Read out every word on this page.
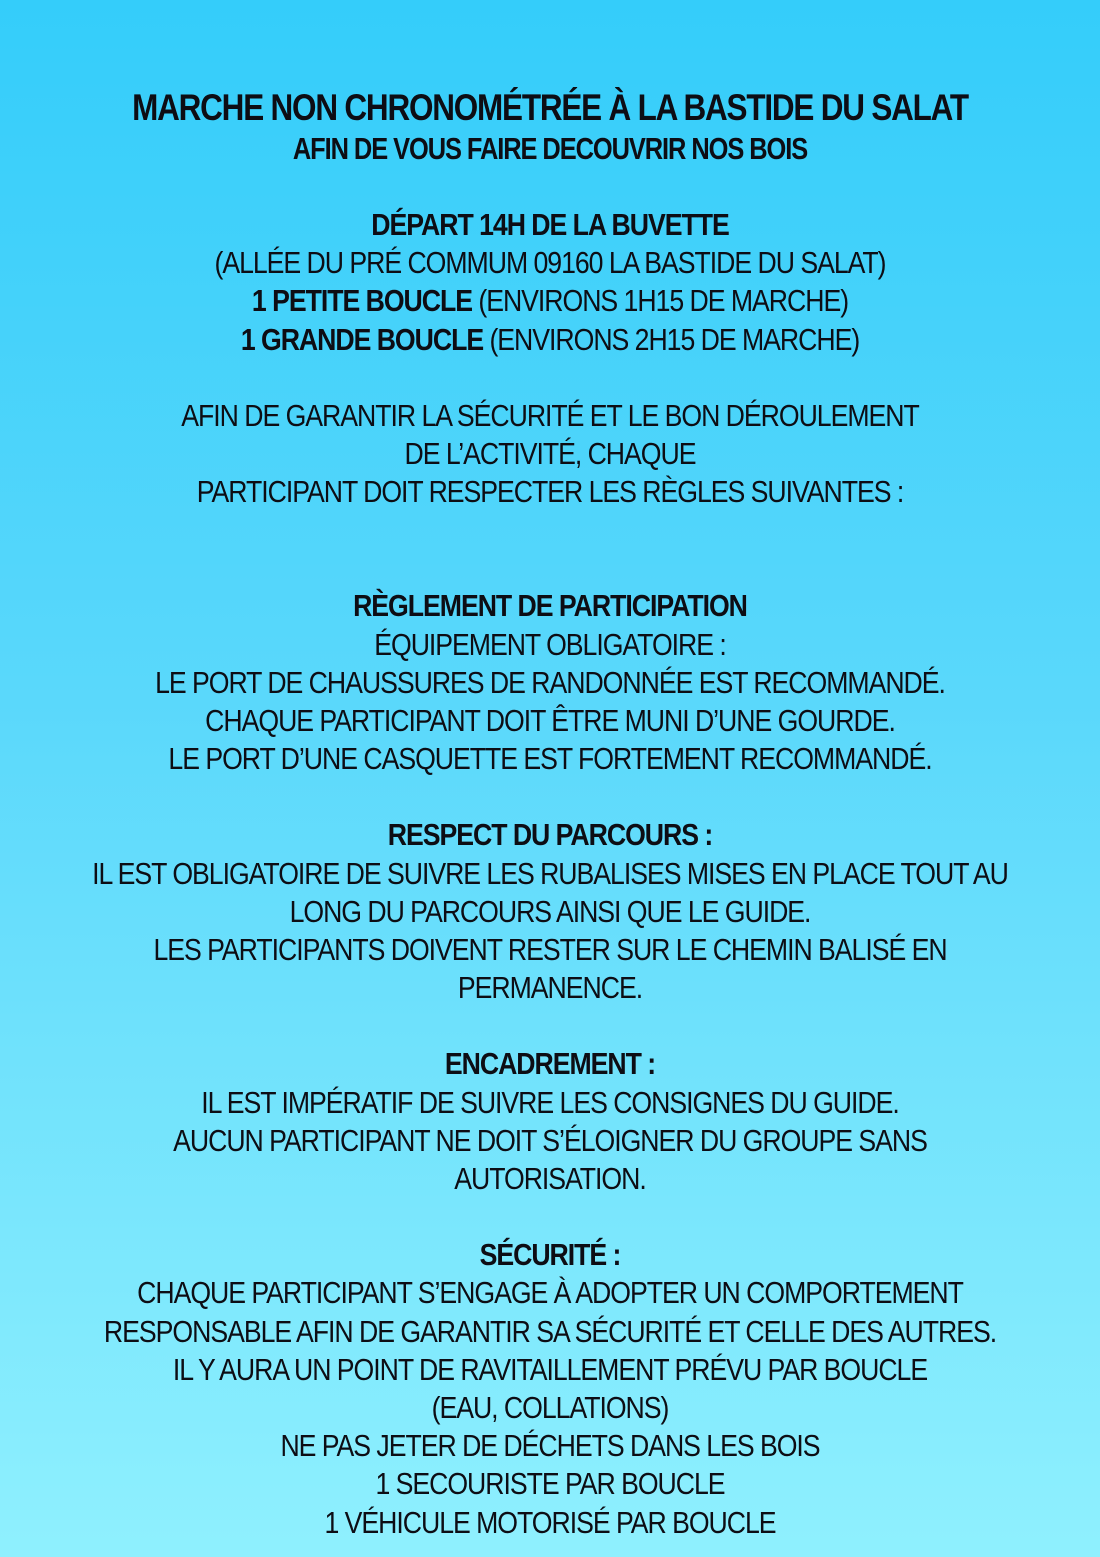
MARCHE NON CHRONOMÉTRÉE À LA BASTIDE DU SALAT
AFIN DE VOUS FAIRE DECOUVRIR NOS BOIS
DÉPART 14H DE LA BUVETTE
(ALLÉE DU PRÉ COMMUM 09160 LA BASTIDE DU SALAT)
1 PETITE BOUCLE (ENVIRONS 1H15 DE MARCHE)
1 GRANDE BOUCLE (ENVIRONS 2H15 DE MARCHE)
AFIN DE GARANTIR LA SÉCURITÉ ET LE BON DÉROULEMENT
DE L’ACTIVITÉ, CHAQUE
PARTICIPANT DOIT RESPECTER LES RÈGLES SUIVANTES :
RÈGLEMENT DE PARTICIPATION
ÉQUIPEMENT OBLIGATOIRE :
LE PORT DE CHAUSSURES DE RANDONNÉE EST RECOMMANDÉ.
CHAQUE PARTICIPANT DOIT ÊTRE MUNI D’UNE GOURDE.
LE PORT D’UNE CASQUETTE EST FORTEMENT RECOMMANDÉ.
RESPECT DU PARCOURS :
IL EST OBLIGATOIRE DE SUIVRE LES RUBALISES MISES EN PLACE TOUT AU
LONG DU PARCOURS AINSI QUE LE GUIDE.
LES PARTICIPANTS DOIVENT RESTER SUR LE CHEMIN BALISÉ EN
PERMANENCE.
ENCADREMENT :
IL EST IMPÉRATIF DE SUIVRE LES CONSIGNES DU GUIDE.
AUCUN PARTICIPANT NE DOIT S’ÉLOIGNER DU GROUPE SANS
AUTORISATION.
SÉCURITÉ :
CHAQUE PARTICIPANT S’ENGAGE À ADOPTER UN COMPORTEMENT
RESPONSABLE AFIN DE GARANTIR SA SÉCURITÉ ET CELLE DES AUTRES.
IL Y AURA UN POINT DE RAVITAILLEMENT PRÉVU PAR BOUCLE
(EAU, COLLATIONS)
NE PAS JETER DE DÉCHETS DANS LES BOIS
1 SECOURISTE PAR BOUCLE
1 VÉHICULE MOTORISÉ PAR BOUCLE
